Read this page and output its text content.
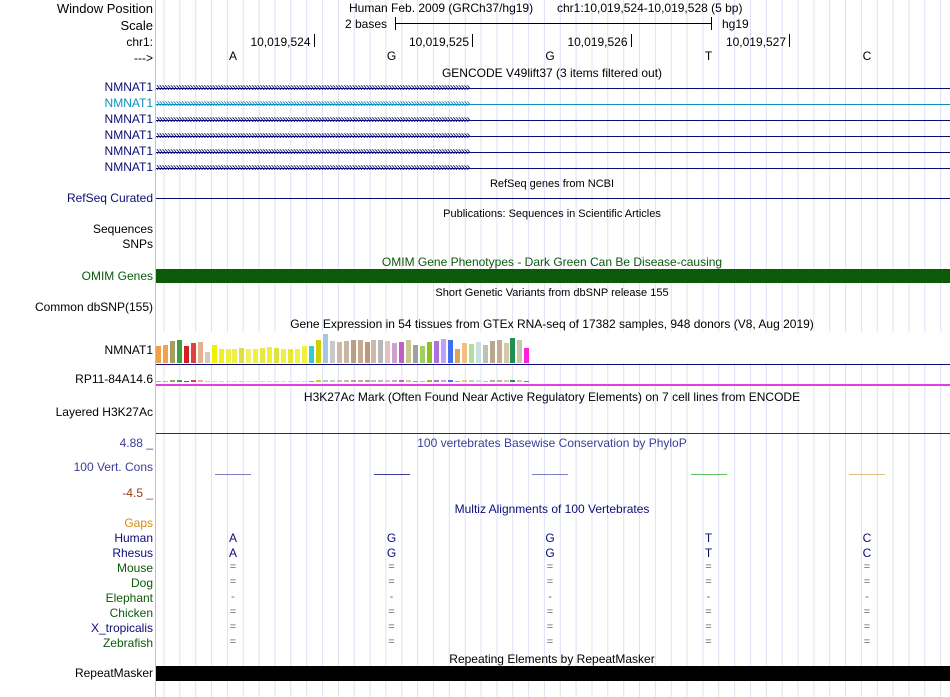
Window Position
Scale
chr1:
--->
Human Feb. 2009 (GRCh37/hg19) chr1:10,019,524-10,019,528 (5 bp)
2 bases	hg19
10,019,524	10,019,525	10,019,526	10,019,527
A	G	G	T	C
GENCODE V49lift37 (3 items filtered out)
NMNAT1 ››››››››››››››››››››››››››››››››››››››››››››››››››››››››››››››››››››››››››››››››››››››››››››››››››››››››››››››››
NMNAT1 ››››››››››››››››››››››››››››››››››››››››››››››››››››››››››››››››››››››››››››››››››››››››››››››››››››››››››››››››
NMNAT1 ››››››››››››››››››››››››››››››››››››››››››››››››››››››››››››››››››››››››››››››››››››››››››››››››››››››››››››››››
NMNAT1 ››››››››››››››››››››››››››››››››››››››››››››››››››››››››››››››››››››››››››››››››››››››››››››››››››››››››››››››››
NMNAT1 ››››››››››››››››››››››››››››››››››››››››››››››››››››››››››››››››››››››››››››››››››››››››››››››››››››››››››››››››
NMNAT1 ››››››››››››››››››››››››››››››››››››››››››››››››››››››››››››››››››››››››››››››››››››››››››››››››››››››››››››››››
RefSeq genes from NCBI
RefSeq Curated
Publications: Sequences in Scientific Articles
Sequences
SNPs
OMIM Gene Phenotypes - Dark Green Can Be Disease-causing
OMIM Genes
Short Genetic Variants from dbSNP release 155
Common dbSNP(155)
Gene Expression in 54 tissues from GTEx RNA-seq of 17382 samples, 948 donors (V8, Aug 2019)
NMNAT1
RP11-84A14.6
H3K27Ac Mark (Often Found Near Active Regulatory Elements) on 7 cell lines from ENCODE
Layered H3K27Ac
100 vertebrates Basewise Conservation by PhyloP
4.88 _
100 Vert. Cons
-4.5 _
Multiz Alignments of 100 Vertebrates
Gaps
Human	A	G	G	T	C
Rhesus	A	G	G	T	C
Mouse	=	=	=	=	=
Dog	=	=	=	=	=
Elephant	-	-	-	-	-
Chicken	=	=	=	=	=
X_tropicalis	=	=	=	=	=
Zebrafish	=	=	=	=	=
Repeating Elements by RepeatMasker
RepeatMasker
